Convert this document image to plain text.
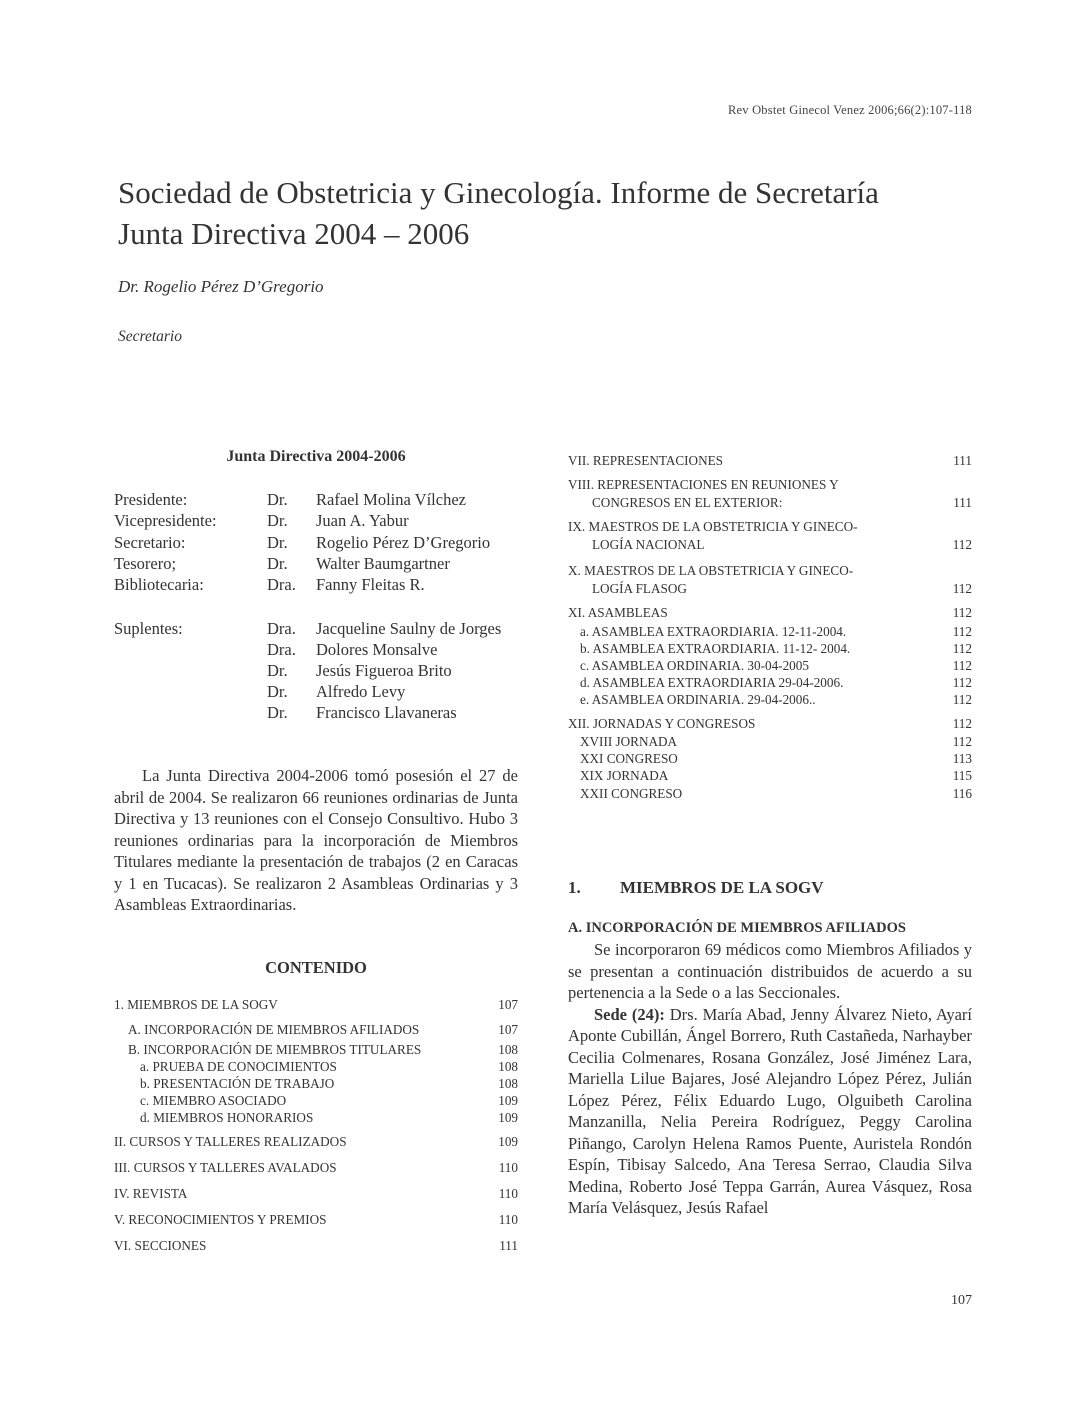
Rev Obstet Ginecol Venez 2006;66(2):107-118
Sociedad de Obstetricia y Ginecología. Informe de Secretaría
Junta Directiva 2004 – 2006
Dr. Rogelio Pérez D’Gregorio
Secretario
Junta Directiva 2004-2006
Presidente:	Dr. Rafael Molina Vílchez
Vicepresidente:	Dr. Juan A. Yabur
Secretario:	Dr. Rogelio Pérez D’Gregorio
Tesorero;	Dr. Walter Baumgartner
Bibliotecaria:	Dra. Fanny Fleitas R.
Suplentes:	Dra. Jacqueline Saulny de Jorges
Dra. Dolores Monsalve
Dr. Jesús Figueroa Brito
Dr. Alfredo Levy
Dr. Francisco Llavaneras

La Junta Directiva 2004-2006 tomó posesión el 27 de abril de 2004. Se realizaron 66 reuniones ordinarias de Junta Directiva y 13 reuniones con el Consejo Consultivo. Hubo 3 reuniones ordinarias para la incorporación de Miembros Titulares mediante la presentación de trabajos (2 en Caracas y 1 en Tucacas). Se realizaron 2 Asambleas Ordinarias y 3 Asambleas Extraordinarias.

CONTENIDO
1. MIEMBROS DE LA SOGV	107
A. INCORPORACIÓN DE MIEMBROS AFILIADOS	107
B. INCORPORACIÓN DE MIEMBROS TITULARES	108
a. PRUEBA DE CONOCIMIENTOS	108
b. PRESENTACIÓN DE TRABAJO	108
c. MIEMBRO ASOCIADO	109
d. MIEMBROS HONORARIOS	109
II. CURSOS Y TALLERES REALIZADOS	109
III. CURSOS Y TALLERES AVALADOS	110
IV. REVISTA	110
V. RECONOCIMIENTOS Y PREMIOS	110
VI. SECCIONES	111
VII. REPRESENTACIONES	111
VIII. REPRESENTACIONES EN REUNIONES Y
CONGRESOS EN EL EXTERIOR:	111
IX. MAESTROS DE LA OBSTETRICIA Y GINECO-
LOGÍA NACIONAL	112
X. MAESTROS DE LA OBSTETRICIA Y GINECO-
LOGÍA FLASOG	112
XI. ASAMBLEAS	112
a. ASAMBLEA EXTRAORDIARIA. 12-11-2004.	112
b. ASAMBLEA EXTRAORDIARIA. 11-12- 2004.	112
c. ASAMBLEA ORDINARIA. 30-04-2005	112
d. ASAMBLEA EXTRAORDIARIA 29-04-2006.	112
e. ASAMBLEA ORDINARIA. 29-04-2006..	112
XII. JORNADAS Y CONGRESOS	112
XVIII JORNADA	112
XXI CONGRESO	113
XIX JORNADA	115
XXII CONGRESO	116
1. MIEMBROS DE LA SOGV
A. INCORPORACIÓN DE MIEMBROS AFILIADOS

Se incorporaron 69 médicos como Miembros Afiliados y se presentan a continuación distribuidos de acuerdo a su pertenencia a la Sede o a las Seccionales.

Sede (24): Drs. María Abad, Jenny Álvarez Nieto, Ayarí Aponte Cubillán, Ángel Borrero, Ruth Castañeda, Narhayber Cecilia Colmenares, Rosana González, José Jiménez Lara, Mariella Lilue Bajares, José Alejandro López Pérez, Julián López Pérez, Félix Eduardo Lugo, Olguibeth Carolina Manzanilla, Nelia Pereira Rodríguez, Peggy Carolina Piñango, Carolyn Helena Ramos Puente, Auristela Rondón Espín, Tibisay Salcedo, Ana Teresa Serrao, Claudia Silva Medina, Roberto José Teppa Garrán, Aurea Vásquez, Rosa María Velásquez, Jesús Rafael

107
